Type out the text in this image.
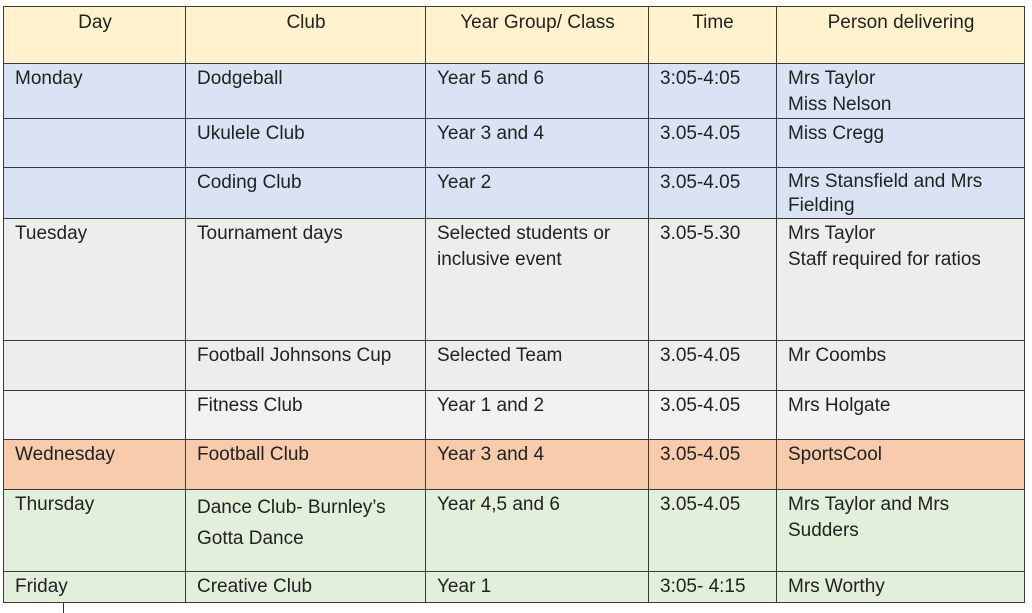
Day	Club	Year Group/ Class	Time	Person delivering

Monday	Dodgeball	Year 5 and 6	3:05-4:05	Mrs Taylor
Miss Nelson

	Ukulele Club	Year 3 and 4	3.05-4.05	Miss Cregg

	Coding Club	Year 2	3.05-4.05	Mrs Stansfield and Mrs
Fielding

Tuesday	Tournament days	Selected students or
inclusive event	3.05-5.30	Mrs Taylor
Staff required for ratios

	Football Johnsons Cup	Selected Team	3.05-4.05	Mr Coombs

	Fitness Club	Year 1 and 2	3.05-4.05	Mrs Holgate

Wednesday	Football Club	Year 3 and 4	3.05-4.05	SportsCool

Thursday	Dance Club- Burnley’s
Gotta Dance	Year 4,5 and 6	3.05-4.05	Mrs Taylor and Mrs
Sudders

Friday	Creative Club	Year 1	3:05- 4:15	Mrs Worthy
